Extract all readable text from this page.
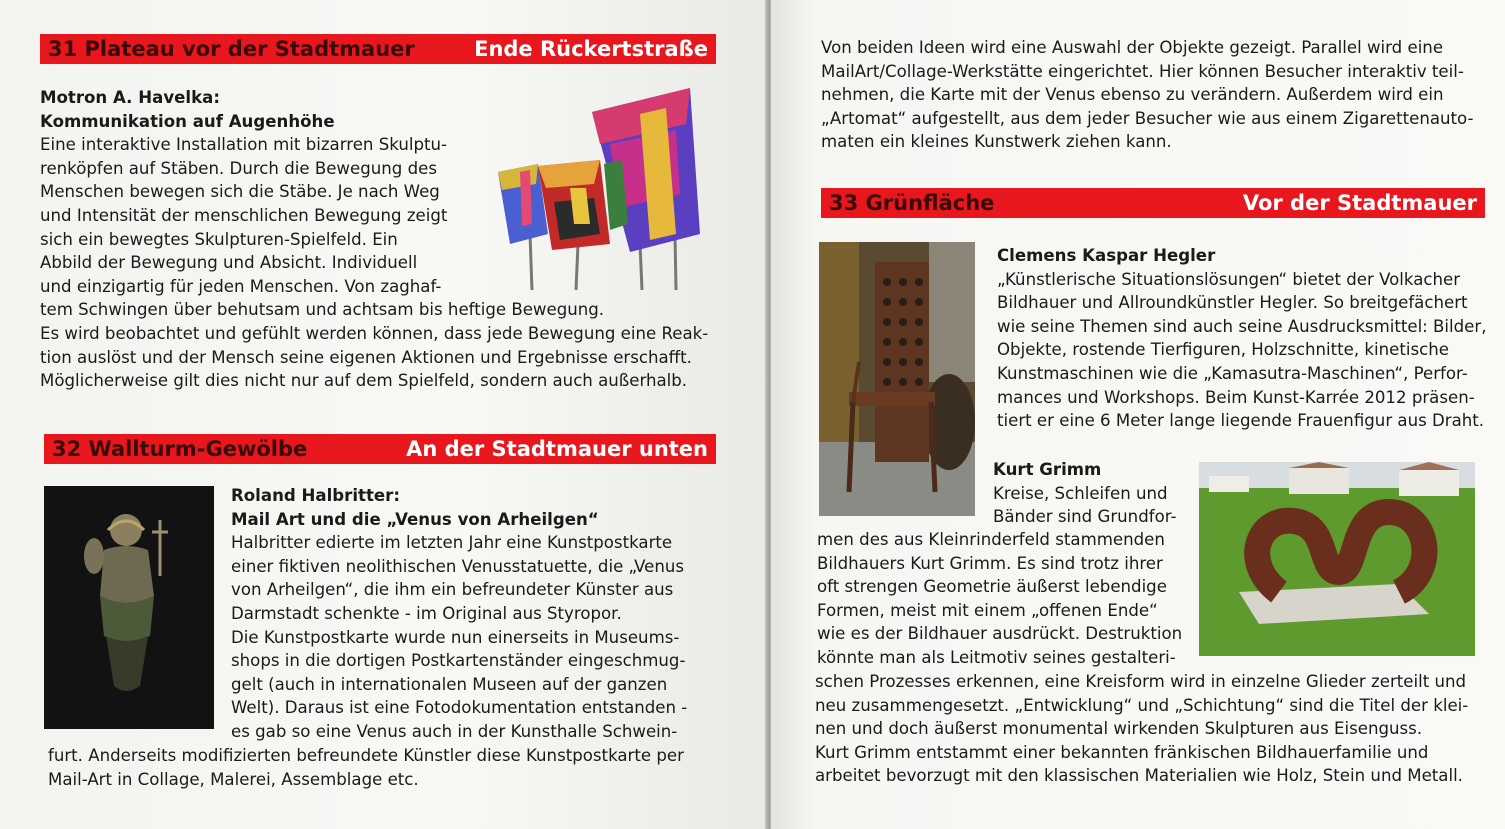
31 Plateau vor der Stadtmauer	Ende Rückertstraße
Motron A. Havelka:
Kommunikation auf Augenhöhe
Eine interaktive Installation mit bizarren Skulptu-
renköpfen auf Stäben. Durch die Bewegung des
Menschen bewegen sich die Stäbe. Je nach Weg
und Intensität der menschlichen Bewegung zeigt
sich ein bewegtes Skulpturen-Spielfeld. Ein
Abbild der Bewegung und Absicht. Individuell
und einzigartig für jeden Menschen. Von zaghaf-
tem Schwingen über behutsam und achtsam bis heftige Bewegung.
Es wird beobachtet und gefühlt werden können, dass jede Bewegung eine Reak-
tion auslöst und der Mensch seine eigenen Aktionen und Ergebnisse erschafft.
Möglicherweise gilt dies nicht nur auf dem Spielfeld, sondern auch außerhalb.
32 Wallturm-Gewölbe	An der Stadtmauer unten
Roland Halbritter:
Mail Art und die „Venus von Arheilgen“
Halbritter edierte im letzten Jahr eine Kunstpostkarte
einer fiktiven neolithischen Venusstatuette, die „Venus
von Arheilgen“, die ihm ein befreundeter Künster aus
Darmstadt schenkte - im Original aus Styropor.
Die Kunstpostkarte wurde nun einerseits in Museums-
shops in die dortigen Postkartenständer eingeschmug-
gelt (auch in internationalen Museen auf der ganzen
Welt). Daraus ist eine Fotodokumentation entstanden -
es gab so eine Venus auch in der Kunsthalle Schwein-
furt. Anderseits modifizierten befreundete Künstler diese Kunstpostkarte per
Mail-Art in Collage, Malerei, Assemblage etc.
Von beiden Ideen wird eine Auswahl der Objekte gezeigt. Parallel wird eine
MailArt/Collage-Werkstätte eingerichtet. Hier können Besucher interaktiv teil-
nehmen, die Karte mit der Venus ebenso zu verändern. Außerdem wird ein
„Artomat“ aufgestellt, aus dem jeder Besucher wie aus einem Zigarettenauto-
maten ein kleines Kunstwerk ziehen kann.
33 Grünfläche	Vor der Stadtmauer
Clemens Kaspar Hegler
„Künstlerische Situationslösungen“ bietet der Volkacher
Bildhauer und Allroundkünstler Hegler. So breitgefächert
wie seine Themen sind auch seine Ausdrucksmittel: Bilder,
Objekte, rostende Tierfiguren, Holzschnitte, kinetische
Kunstmaschinen wie die „Kamasutra-Maschinen“, Perfor-
mances und Workshops. Beim Kunst-Karrée 2012 präsen-
tiert er eine 6 Meter lange liegende Frauenfigur aus Draht.
Kurt Grimm
Kreise, Schleifen und
Bänder sind Grundfor-
men des aus Kleinrinderfeld stammenden
Bildhauers Kurt Grimm. Es sind trotz ihrer
oft strengen Geometrie äußerst lebendige
Formen, meist mit einem „offenen Ende“
wie es der Bildhauer ausdrückt. Destruktion
könnte man als Leitmotiv seines gestalteri-
schen Prozesses erkennen, eine Kreisform wird in einzelne Glieder zerteilt und
neu zusammengesetzt. „Entwicklung“ und „Schichtung“ sind die Titel der klei-
nen und doch äußerst monumental wirkenden Skulpturen aus Eisenguss.
Kurt Grimm entstammt einer bekannten fränkischen Bildhauerfamilie und
arbeitet bevorzugt mit den klassischen Materialien wie Holz, Stein und Metall.
